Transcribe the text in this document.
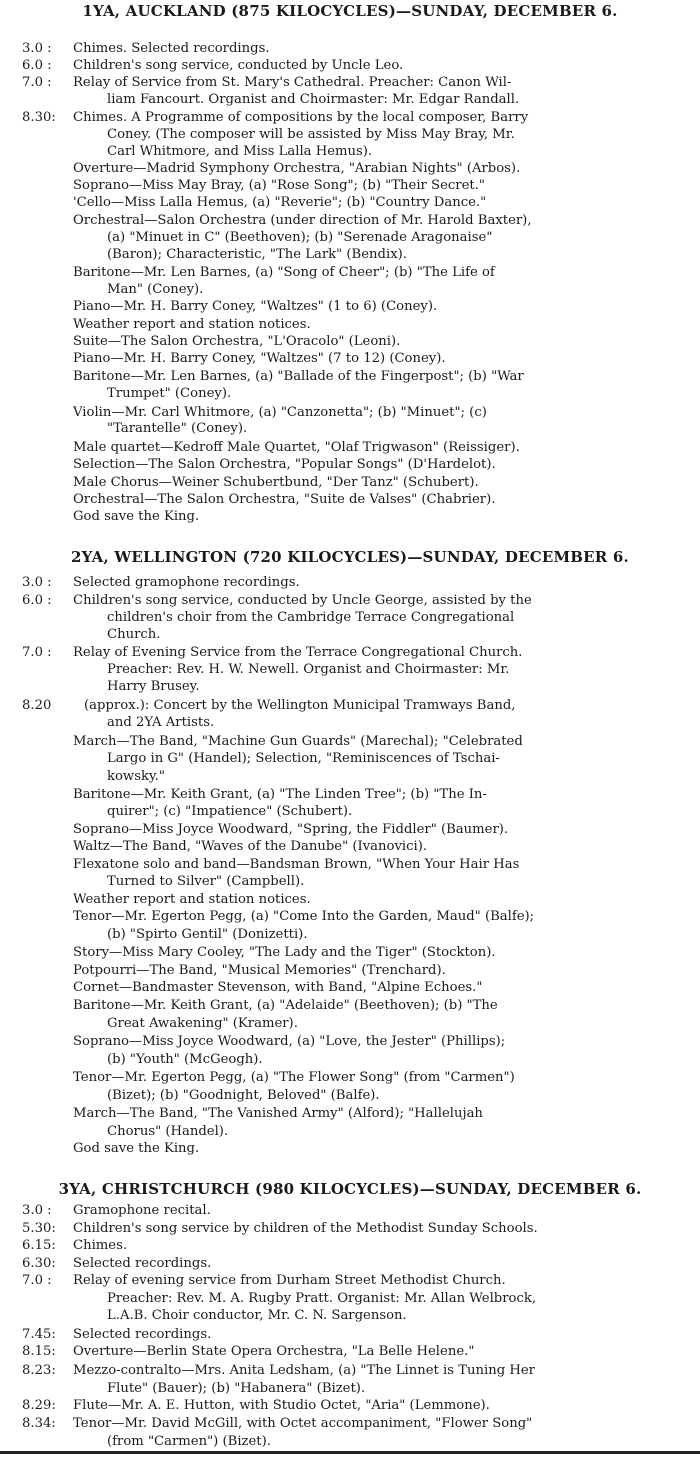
1YA, AUCKLAND (875 KILOCYCLES)—SUNDAY, DECEMBER 6.
3.0 :	Chimes. Selected recordings.
6.0 :	Children's song service, conducted by Uncle Leo.
7.0 :	Relay of Service from St. Mary's Cathedral. Preacher: Canon Wil-
liam Fancourt. Organist and Choirmaster: Mr. Edgar Randall.
8.30:	Chimes. A Programme of compositions by the local composer, Barry
Coney. (The composer will be assisted by Miss May Bray, Mr.
Carl Whitmore, and Miss Lalla Hemus).
Overture—Madrid Symphony Orchestra, "Arabian Nights" (Arbos).
Soprano—Miss May Bray, (a) "Rose Song"; (b) "Their Secret."
'Cello—Miss Lalla Hemus, (a) "Reverie"; (b) "Country Dance."
Orchestral—Salon Orchestra (under direction of Mr. Harold Baxter),
(a) "Minuet in C" (Beethoven); (b) "Serenade Aragonaise"
(Baron); Characteristic, "The Lark" (Bendix).
Baritone—Mr. Len Barnes, (a) "Song of Cheer"; (b) "The Life of
Man" (Coney).
Piano—Mr. H. Barry Coney, "Waltzes" (1 to 6) (Coney).
Weather report and station notices.
Suite—The Salon Orchestra, "L'Oracolo" (Leoni).
Piano—Mr. H. Barry Coney, "Waltzes" (7 to 12) (Coney).
Baritone—Mr. Len Barnes, (a) "Ballade of the Fingerpost"; (b) "War
Trumpet" (Coney).
Violin—Mr. Carl Whitmore, (a) "Canzonetta"; (b) "Minuet"; (c)
"Tarantelle" (Coney).
Male quartet—Kedroff Male Quartet, "Olaf Trigwason" (Reissiger).
Selection—The Salon Orchestra, "Popular Songs" (D'Hardelot).
Male Chorus—Weiner Schubertbund, "Der Tanz" (Schubert).
Orchestral—The Salon Orchestra, "Suite de Valses" (Chabrier).
God save the King.
2YA, WELLINGTON (720 KILOCYCLES)—SUNDAY, DECEMBER 6.
3.0 :	Selected gramophone recordings.
6.0 :	Children's song service, conducted by Uncle George, assisted by the
children's choir from the Cambridge Terrace Congregational
Church.
7.0 :	Relay of Evening Service from the Terrace Congregational Church.
Preacher: Rev. H. W. Newell. Organist and Choirmaster: Mr.
Harry Brusey.
8.20	(approx.): Concert by the Wellington Municipal Tramways Band,
and 2YA Artists.
March—The Band, "Machine Gun Guards" (Marechal); "Celebrated
Largo in G" (Handel); Selection, "Reminiscences of Tschai-
kowsky."
Baritone—Mr. Keith Grant, (a) "The Linden Tree"; (b) "The In-
quirer"; (c) "Impatience" (Schubert).
Soprano—Miss Joyce Woodward, "Spring, the Fiddler" (Baumer).
Waltz—The Band, "Waves of the Danube" (Ivanovici).
Flexatone solo and band—Bandsman Brown, "When Your Hair Has
Turned to Silver" (Campbell).
Weather report and station notices.
Tenor—Mr. Egerton Pegg, (a) "Come Into the Garden, Maud" (Balfe);
(b) "Spirto Gentil" (Donizetti).
Story—Miss Mary Cooley, "The Lady and the Tiger" (Stockton).
Potpourri—The Band, "Musical Memories" (Trenchard).
Cornet—Bandmaster Stevenson, with Band, "Alpine Echoes."
Baritone—Mr. Keith Grant, (a) "Adelaide" (Beethoven); (b) "The
Great Awakening" (Kramer).
Soprano—Miss Joyce Woodward, (a) "Love, the Jester" (Phillips);
(b) "Youth" (McGeogh).
Tenor—Mr. Egerton Pegg, (a) "The Flower Song" (from "Carmen")
(Bizet); (b) "Goodnight, Beloved" (Balfe).
March—The Band, "The Vanished Army" (Alford); "Hallelujah
Chorus" (Handel).
God save the King.
3YA, CHRISTCHURCH (980 KILOCYCLES)—SUNDAY, DECEMBER 6.
3.0 :	Gramophone recital.
5.30:	Children's song service by children of the Methodist Sunday Schools.
6.15:	Chimes.
6.30:	Selected recordings.
7.0 :	Relay of evening service from Durham Street Methodist Church.
Preacher: Rev. M. A. Rugby Pratt. Organist: Mr. Allan Welbrock,
L.A.B. Choir conductor, Mr. C. N. Sargenson.
7.45:	Selected recordings.
8.15:	Overture—Berlin State Opera Orchestra, "La Belle Helene."
8.23:	Mezzo-contralto—Mrs. Anita Ledsham, (a) "The Linnet is Tuning Her
Flute" (Bauer); (b) "Habanera" (Bizet).
8.29:	Flute—Mr. A. E. Hutton, with Studio Octet, "Aria" (Lemmone).
8.34:	Tenor—Mr. David McGill, with Octet accompaniment, "Flower Song"
(from "Carmen") (Bizet).
